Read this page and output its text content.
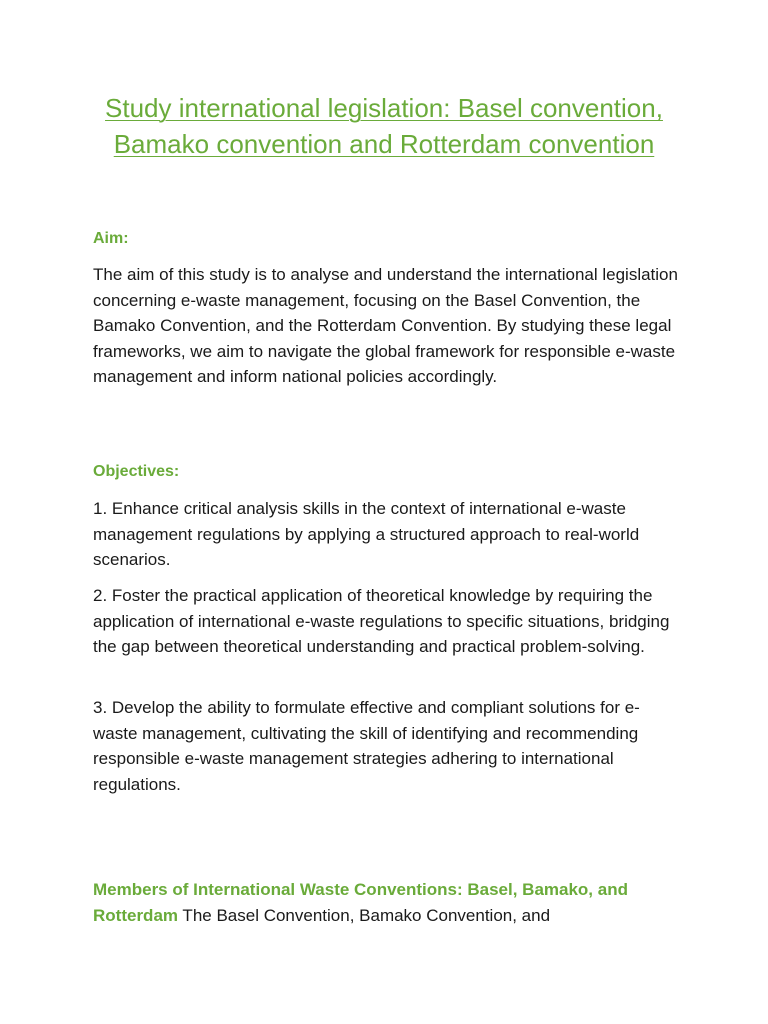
Study international legislation: Basel convention, Bamako convention and Rotterdam convention
Aim:

The aim of this study is to analyse and understand the international legislation concerning e-waste management, focusing on the Basel Convention, the Bamako Convention, and the Rotterdam Convention. By studying these legal frameworks, we aim to navigate the global framework for responsible e-waste management and inform national policies accordingly.

Objectives:

1. Enhance critical analysis skills in the context of international e-waste management regulations by applying a structured approach to real-world scenarios.

2. Foster the practical application of theoretical knowledge by requiring the application of international e-waste regulations to specific situations, bridging the gap between theoretical understanding and practical problem-solving.

3. Develop the ability to formulate effective and compliant solutions for e-waste management, cultivating the skill of identifying and recommending responsible e-waste management strategies adhering to international regulations.

Members of International Waste Conventions: Basel, Bamako, and Rotterdam The Basel Convention, Bamako Convention, and
